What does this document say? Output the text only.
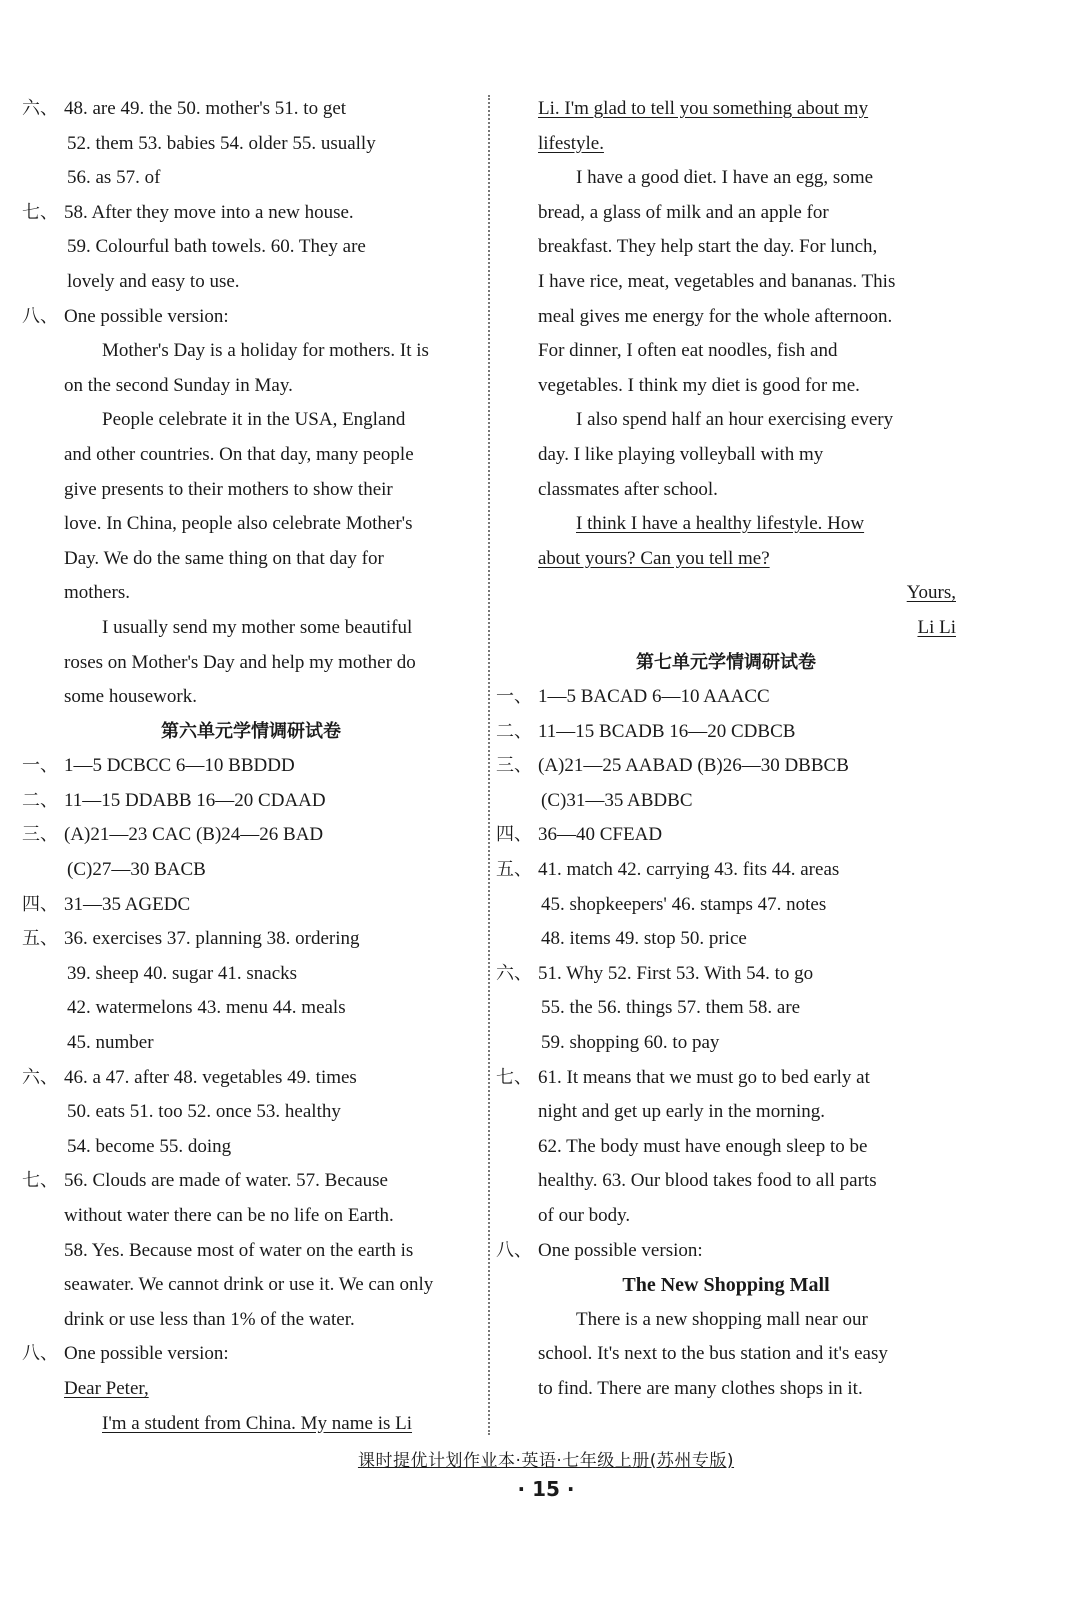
六、 48. are 49. the 50. mother's 51. to get
52. them 53. babies 54. older 55. usually
56. as 57. of
七、 58. After they move into a new house.
59. Colourful bath towels. 60. They are
lovely and easy to use.
八、 One possible version:
Mother's Day is a holiday for mothers. It is
on the second Sunday in May.
People celebrate it in the USA, England
and other countries. On that day, many people
give presents to their mothers to show their
love. In China, people also celebrate Mother's
Day. We do the same thing on that day for
mothers.
I usually send my mother some beautiful
roses on Mother's Day and help my mother do
some housework.
第六单元学情调研试卷
一、 1—5 DCBCC 6—10 BBDDD
二、 11—15 DDABB 16—20 CDAAD
三、 (A)21—23 CAC (B)24—26 BAD
(C)27—30 BACB
四、 31—35 AGEDC
五、 36. exercises 37. planning 38. ordering
39. sheep 40. sugar 41. snacks
42. watermelons 43. menu 44. meals
45. number
六、 46. a 47. after 48. vegetables 49. times
50. eats 51. too 52. once 53. healthy
54. become 55. doing
七、 56. Clouds are made of water. 57. Because
without water there can be no life on Earth.
58. Yes. Because most of water on the earth is
seawater. We cannot drink or use it. We can only
drink or use less than 1% of the water.
八、 One possible version:
Dear Peter,
I'm a student from China. My name is Li
Li. I'm glad to tell you something about my
lifestyle.
I have a good diet. I have an egg, some
bread, a glass of milk and an apple for
breakfast. They help start the day. For lunch,
I have rice, meat, vegetables and bananas. This
meal gives me energy for the whole afternoon.
For dinner, I often eat noodles, fish and
vegetables. I think my diet is good for me.
I also spend half an hour exercising every
day. I like playing volleyball with my
classmates after school.
I think I have a healthy lifestyle. How
about yours? Can you tell me?
Yours,
Li Li
第七单元学情调研试卷
一、 1—5 BACAD 6—10 AAACC
二、 11—15 BCADB 16—20 CDBCB
三、 (A)21—25 AABAD (B)26—30 DBBCB
(C)31—35 ABDBC
四、 36—40 CFEAD
五、 41. match 42. carrying 43. fits 44. areas
45. shopkeepers' 46. stamps 47. notes
48. items 49. stop 50. price
六、 51. Why 52. First 53. With 54. to go
55. the 56. things 57. them 58. are
59. shopping 60. to pay
七、 61. It means that we must go to bed early at
night and get up early in the morning.
62. The body must have enough sleep to be
healthy. 63. Our blood takes food to all parts
of our body.
八、 One possible version:
The New Shopping Mall
There is a new shopping mall near our
school. It's next to the bus station and it's easy
to find. There are many clothes shops in it.
课时提优计划作业本·英语·七年级上册(苏州专版)
· 15 ·
